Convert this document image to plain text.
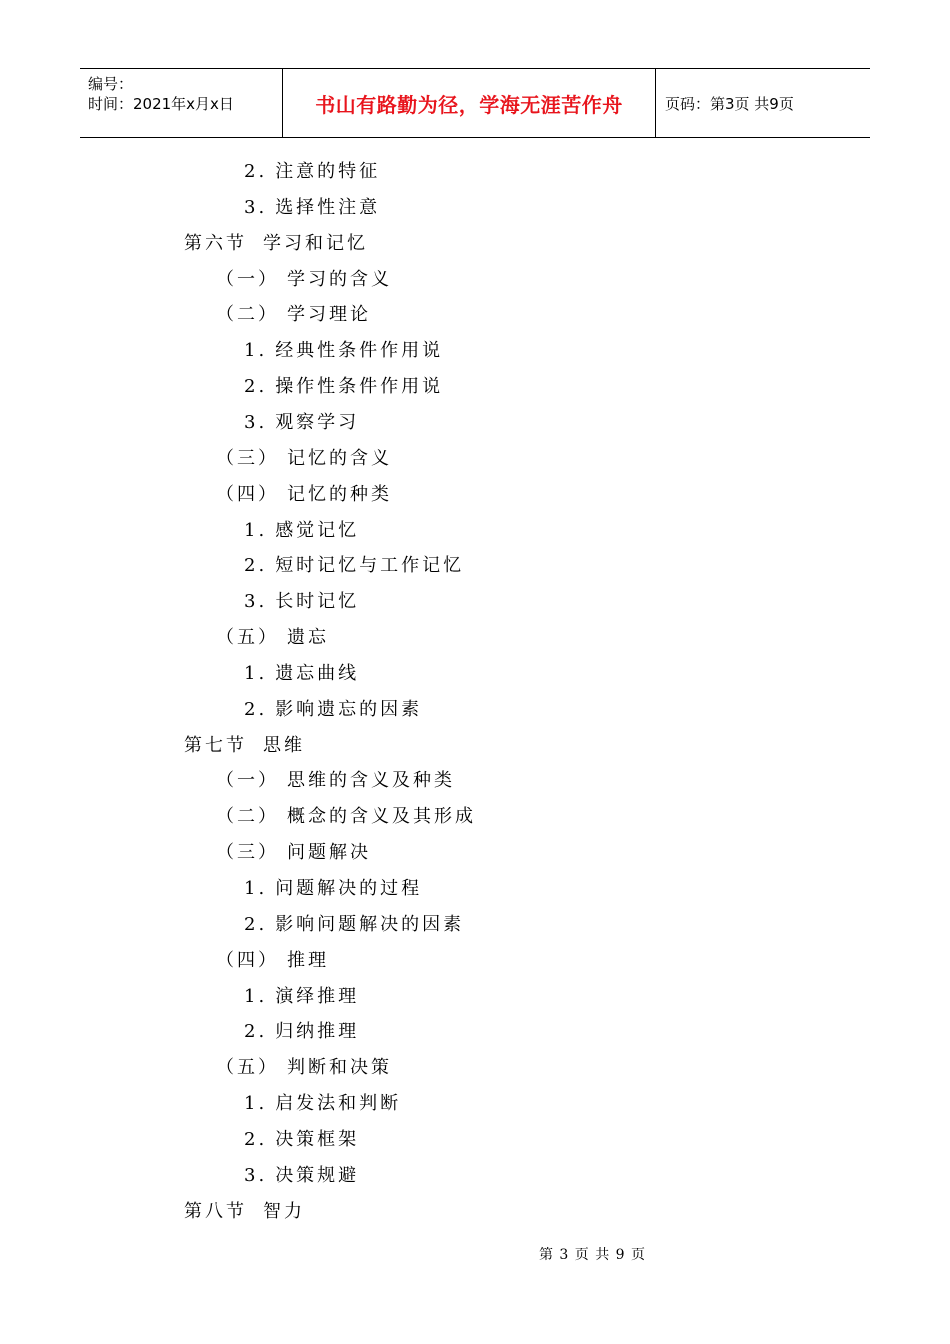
编号：
时间：2021年x月x日	书山有路勤为径，学海无涯苦作舟	页码：第3页 共9页
2. 注意的特征
3. 选择性注意
第六节 学习和记忆
（一） 学习的含义
（二） 学习理论
1. 经典性条件作用说
2. 操作性条件作用说
3. 观察学习
（三） 记忆的含义
（四） 记忆的种类
1. 感觉记忆
2. 短时记忆与工作记忆
3. 长时记忆
（五） 遗忘
1. 遗忘曲线
2. 影响遗忘的因素
第七节 思维
（一） 思维的含义及种类
（二） 概念的含义及其形成
（三） 问题解决
1. 问题解决的过程
2. 影响问题解决的因素
（四） 推理
1. 演绎推理
2. 归纳推理
（五） 判断和决策
1. 启发法和判断
2. 决策框架
3. 决策规避
第八节 智力
第 3 页 共 9 页
